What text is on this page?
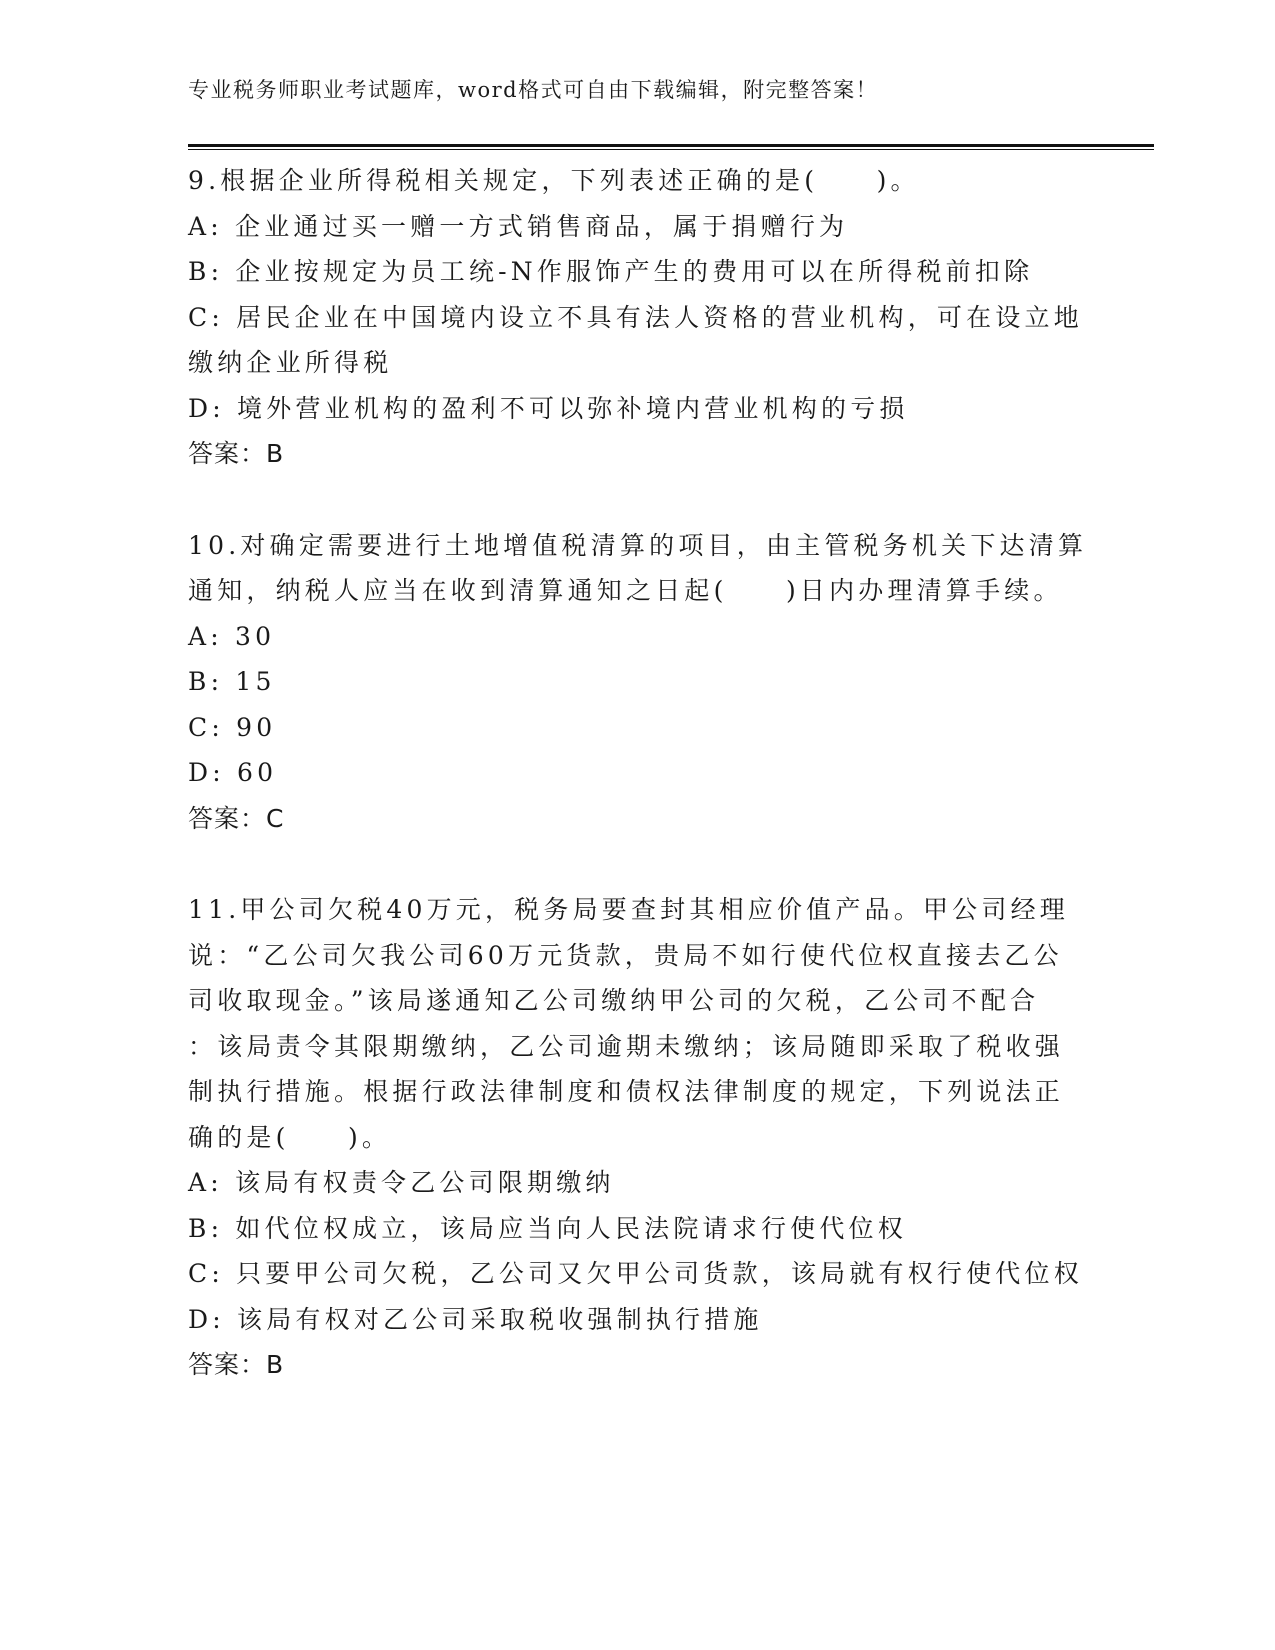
专业税务师职业考试题库，word格式可自由下载编辑，附完整答案！
9.根据企业所得税相关规定，下列表述正确的是(　　)。
A: 企业通过买一赠一方式销售商品，属于捐赠行为
B: 企业按规定为员工统-N作服饰产生的费用可以在所得税前扣除
C: 居民企业在中国境内设立不具有法人资格的营业机构，可在设立地
缴纳企业所得税
D: 境外营业机构的盈利不可以弥补境内营业机构的亏损
答案：B
10.对确定需要进行土地增值税清算的项目，由主管税务机关下达清算
通知，纳税人应当在收到清算通知之日起(　　)日内办理清算手续。
A: 30
B: 15
C: 90
D: 60
答案：C
11.甲公司欠税40万元，税务局要查封其相应价值产品。甲公司经理
说：“乙公司欠我公司60万元货款，贵局不如行使代位权直接去乙公
司收取现金。”该局遂通知乙公司缴纳甲公司的欠税，乙公司不配合
：该局责令其限期缴纳，乙公司逾期未缴纳；该局随即采取了税收强
制执行措施。根据行政法律制度和债权法律制度的规定，下列说法正
确的是(　　)。
A: 该局有权责令乙公司限期缴纳
B: 如代位权成立，该局应当向人民法院请求行使代位权
C: 只要甲公司欠税，乙公司又欠甲公司货款，该局就有权行使代位权
D: 该局有权对乙公司采取税收强制执行措施
答案：B
